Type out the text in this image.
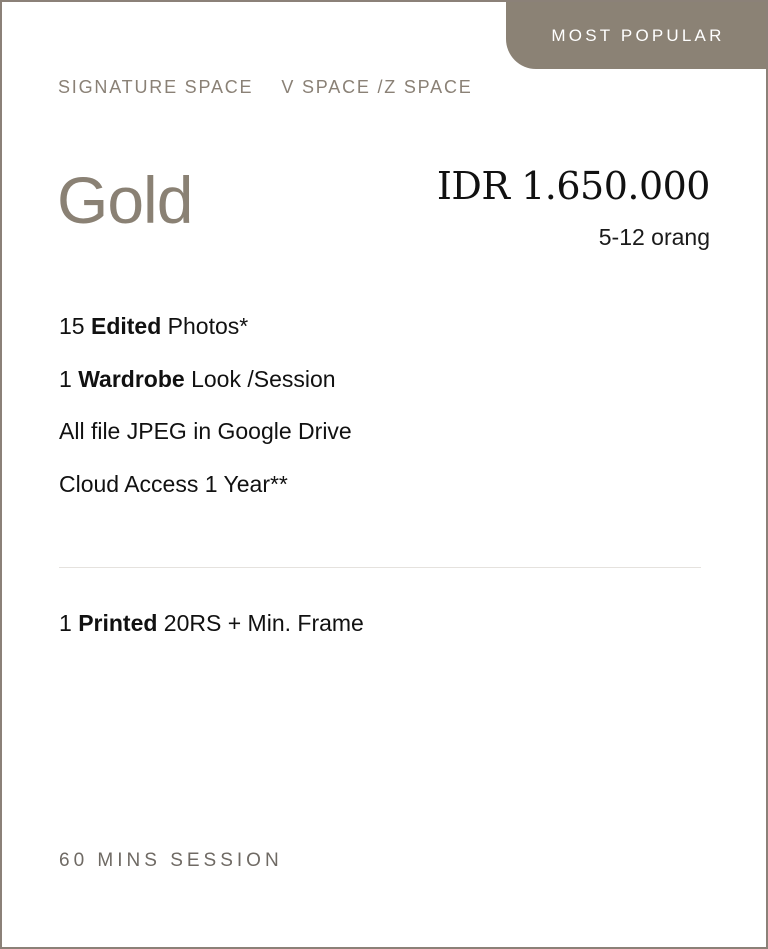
MOST POPULAR
SIGNATURE SPACE V SPACE /Z SPACE
Gold	IDR 1.650.000
5-12 orang
15 Edited Photos*
1 Wardrobe Look /Session
All file JPEG in Google Drive
Cloud Access 1 Year**
1 Printed 20RS + Min. Frame
60 MINS SESSION
